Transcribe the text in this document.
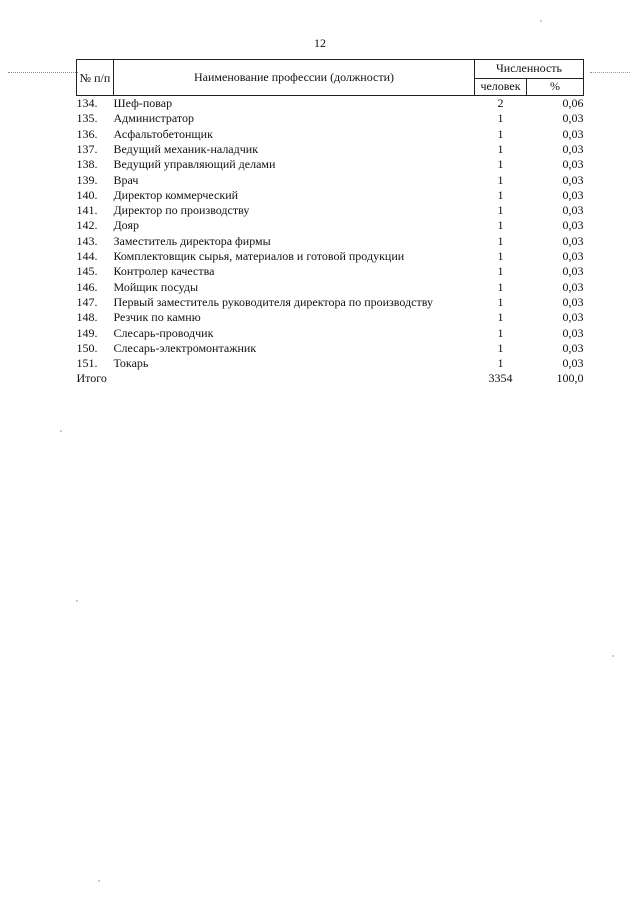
12
№ п/п	Наименование профессии (должности)	Численность	
		человек	%
134.	Шеф-повар	2	0,06
135.	Администратор	1	0,03
136.	Асфальтобетонщик	1	0,03
137.	Ведущий механик-наладчик	1	0,03
138.	Ведущий управляющий делами	1	0,03
139.	Врач	1	0,03
140.	Директор коммерческий	1	0,03
141.	Директор по производству	1	0,03
142.	Дояр	1	0,03
143.	Заместитель директора фирмы	1	0,03
144.	Комплектовщик сырья, материалов и готовой продукции	1	0,03
145.	Контролер качества	1	0,03
146.	Мойщик посуды	1	0,03
147.	Первый заместитель руководителя директора по производству	1	0,03
148.	Резчик по камню	1	0,03
149.	Слесарь-проводчик	1	0,03
150.	Слесарь-электромонтажник	1	0,03
151.	Токарь	1	0,03
Итого		3354	100,0
